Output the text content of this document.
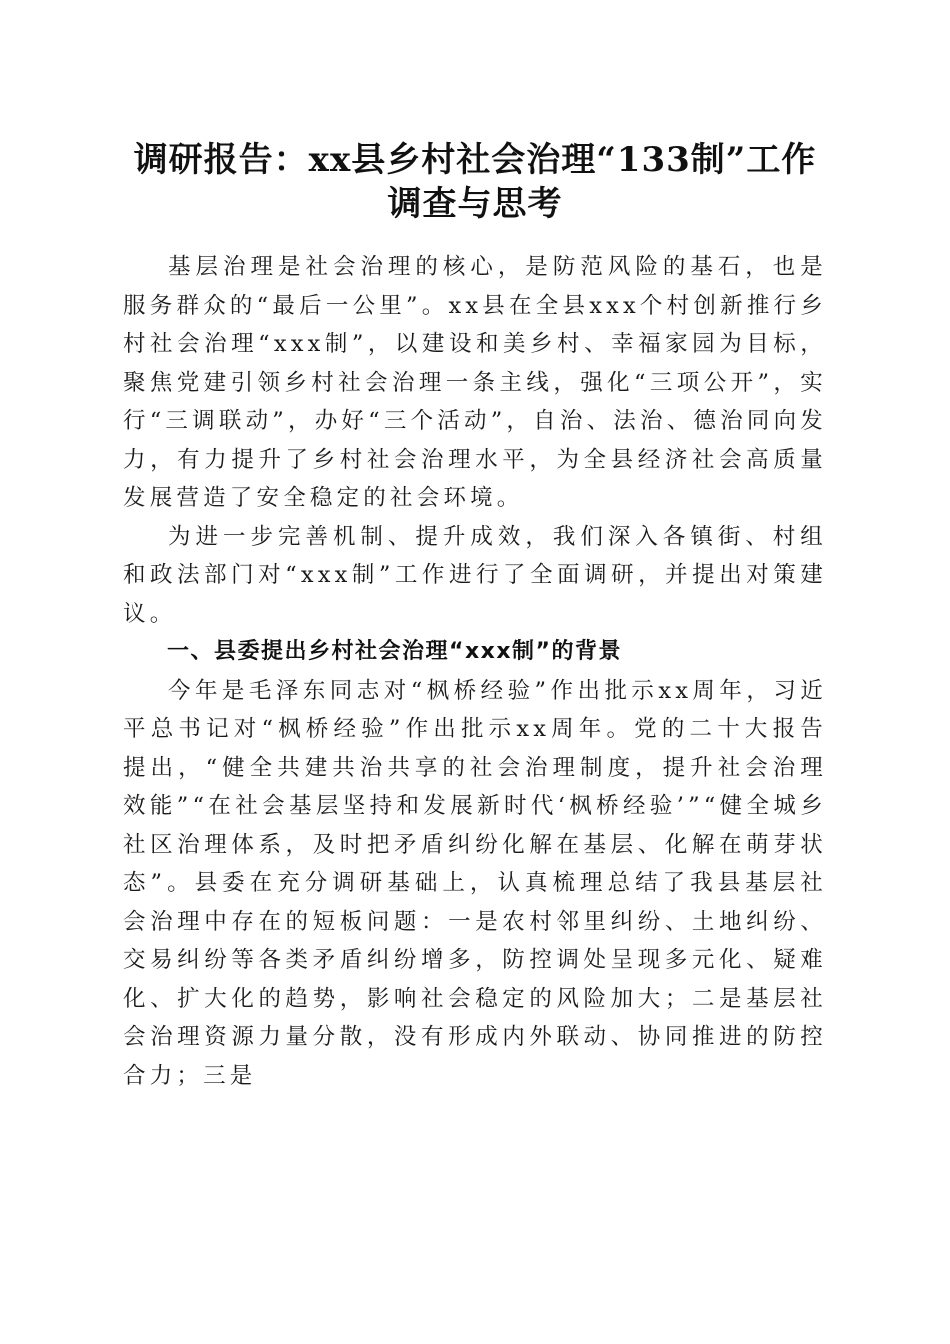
调研报告：xx县乡村社会治理“133制”工作
调查与思考

基层治理是社会治理的核心，是防范风险的基石，也是服务群众的“最后一公里”。xx县在全县xxx个村创新推行乡村社会治理“xxx制”，以建设和美乡村、幸福家园为目标，聚焦党建引领乡村社会治理一条主线，强化“三项公开”，实行“三调联动”，办好“三个活动”，自治、法治、德治同向发力，有力提升了乡村社会治理水平，为全县经济社会高质量发展营造了安全稳定的社会环境。

为进一步完善机制、提升成效，我们深入各镇街、村组和政法部门对“xxx制”工作进行了全面调研，并提出对策建议。

一、县委提出乡村社会治理“xxx制”的背景

今年是毛泽东同志对“枫桥经验”作出批示xx周年，习近平总书记对“枫桥经验”作出批示xx周年。党的二十大报告提出，“健全共建共治共享的社会治理制度，提升社会治理效能”“在社会基层坚持和发展新时代‘枫桥经验’”“健全城乡社区治理体系，及时把矛盾纠纷化解在基层、化解在萌芽状态”。县委在充分调研基础上，认真梳理总结了我县基层社会治理中存在的短板问题：一是农村邻里纠纷、土地纠纷、交易纠纷等各类矛盾纠纷增多，防控调处呈现多元化、疑难化、扩大化的趋势，影响社会稳定的风险加大；二是基层社会治理资源力量分散，没有形成内外联动、协同推进的防控合力；三是
